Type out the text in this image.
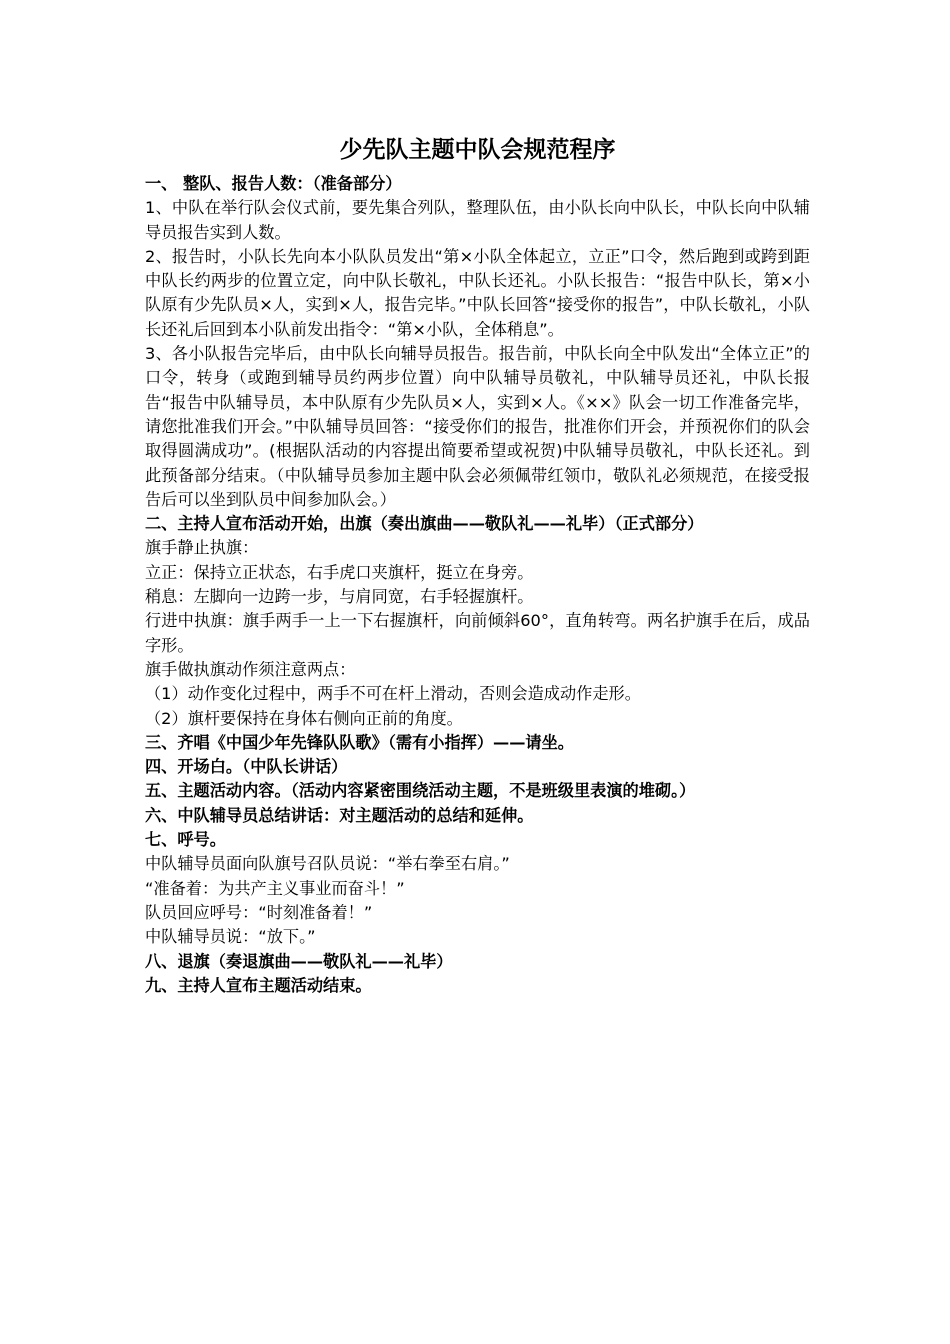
少先队主题中队会规范程序

一、 整队、报告人数：（准备部分）

1、中队在举行队会仪式前，要先集合列队，整理队伍，由小队长向中队长，中队长向中队辅导员报告实到人数。

2、报告时，小队长先向本小队队员发出“第×小队全体起立，立正”口令，然后跑到或跨到距中队长约两步的位置立定，向中队长敬礼，中队长还礼。小队长报告：“报告中队长，第×小队原有少先队员×人，实到×人，报告完毕。”中队长回答“接受你的报告”，中队长敬礼，小队长还礼后回到本小队前发出指令：“第×小队，全体稍息”。

3、各小队报告完毕后，由中队长向辅导员报告。报告前，中队长向全中队发出“全体立正”的口令，转身（或跑到辅导员约两步位置）向中队辅导员敬礼，中队辅导员还礼，中队长报告“报告中队辅导员，本中队原有少先队员×人，实到×人。《××》队会一切工作准备完毕，请您批准我们开会。”中队辅导员回答：“接受你们的报告，批准你们开会，并预祝你们的队会取得圆满成功”。(根据队活动的内容提出简要希望或祝贺)中队辅导员敬礼，中队长还礼。到此预备部分结束。（中队辅导员参加主题中队会必须佩带红领巾，敬队礼必须规范，在接受报告后可以坐到队员中间参加队会。）

二、主持人宣布活动开始，出旗（奏出旗曲——敬队礼——礼毕）（正式部分）

旗手静止执旗：

立正：保持立正状态，右手虎口夹旗杆，挺立在身旁。

稍息：左脚向一边跨一步，与肩同宽，右手轻握旗杆。

行进中执旗：旗手两手一上一下右握旗杆，向前倾斜60°，直角转弯。两名护旗手在后，成品字形。

旗手做执旗动作须注意两点：

（1）动作变化过程中，两手不可在杆上滑动，否则会造成动作走形。

（2）旗杆要保持在身体右侧向正前的角度。

三、齐唱《中国少年先锋队队歌》（需有小指挥）——请坐。

四、开场白。（中队长讲话）

五、主题活动内容。（活动内容紧密围绕活动主题，不是班级里表演的堆砌。）

六、中队辅导员总结讲话：对主题活动的总结和延伸。

七、呼号。

中队辅导员面向队旗号召队员说：“举右拳至右肩。”

“准备着：为共产主义事业而奋斗！”

队员回应呼号：“时刻准备着！”

中队辅导员说：“放下。”

八、退旗（奏退旗曲——敬队礼——礼毕）

九、主持人宣布主题活动结束。
